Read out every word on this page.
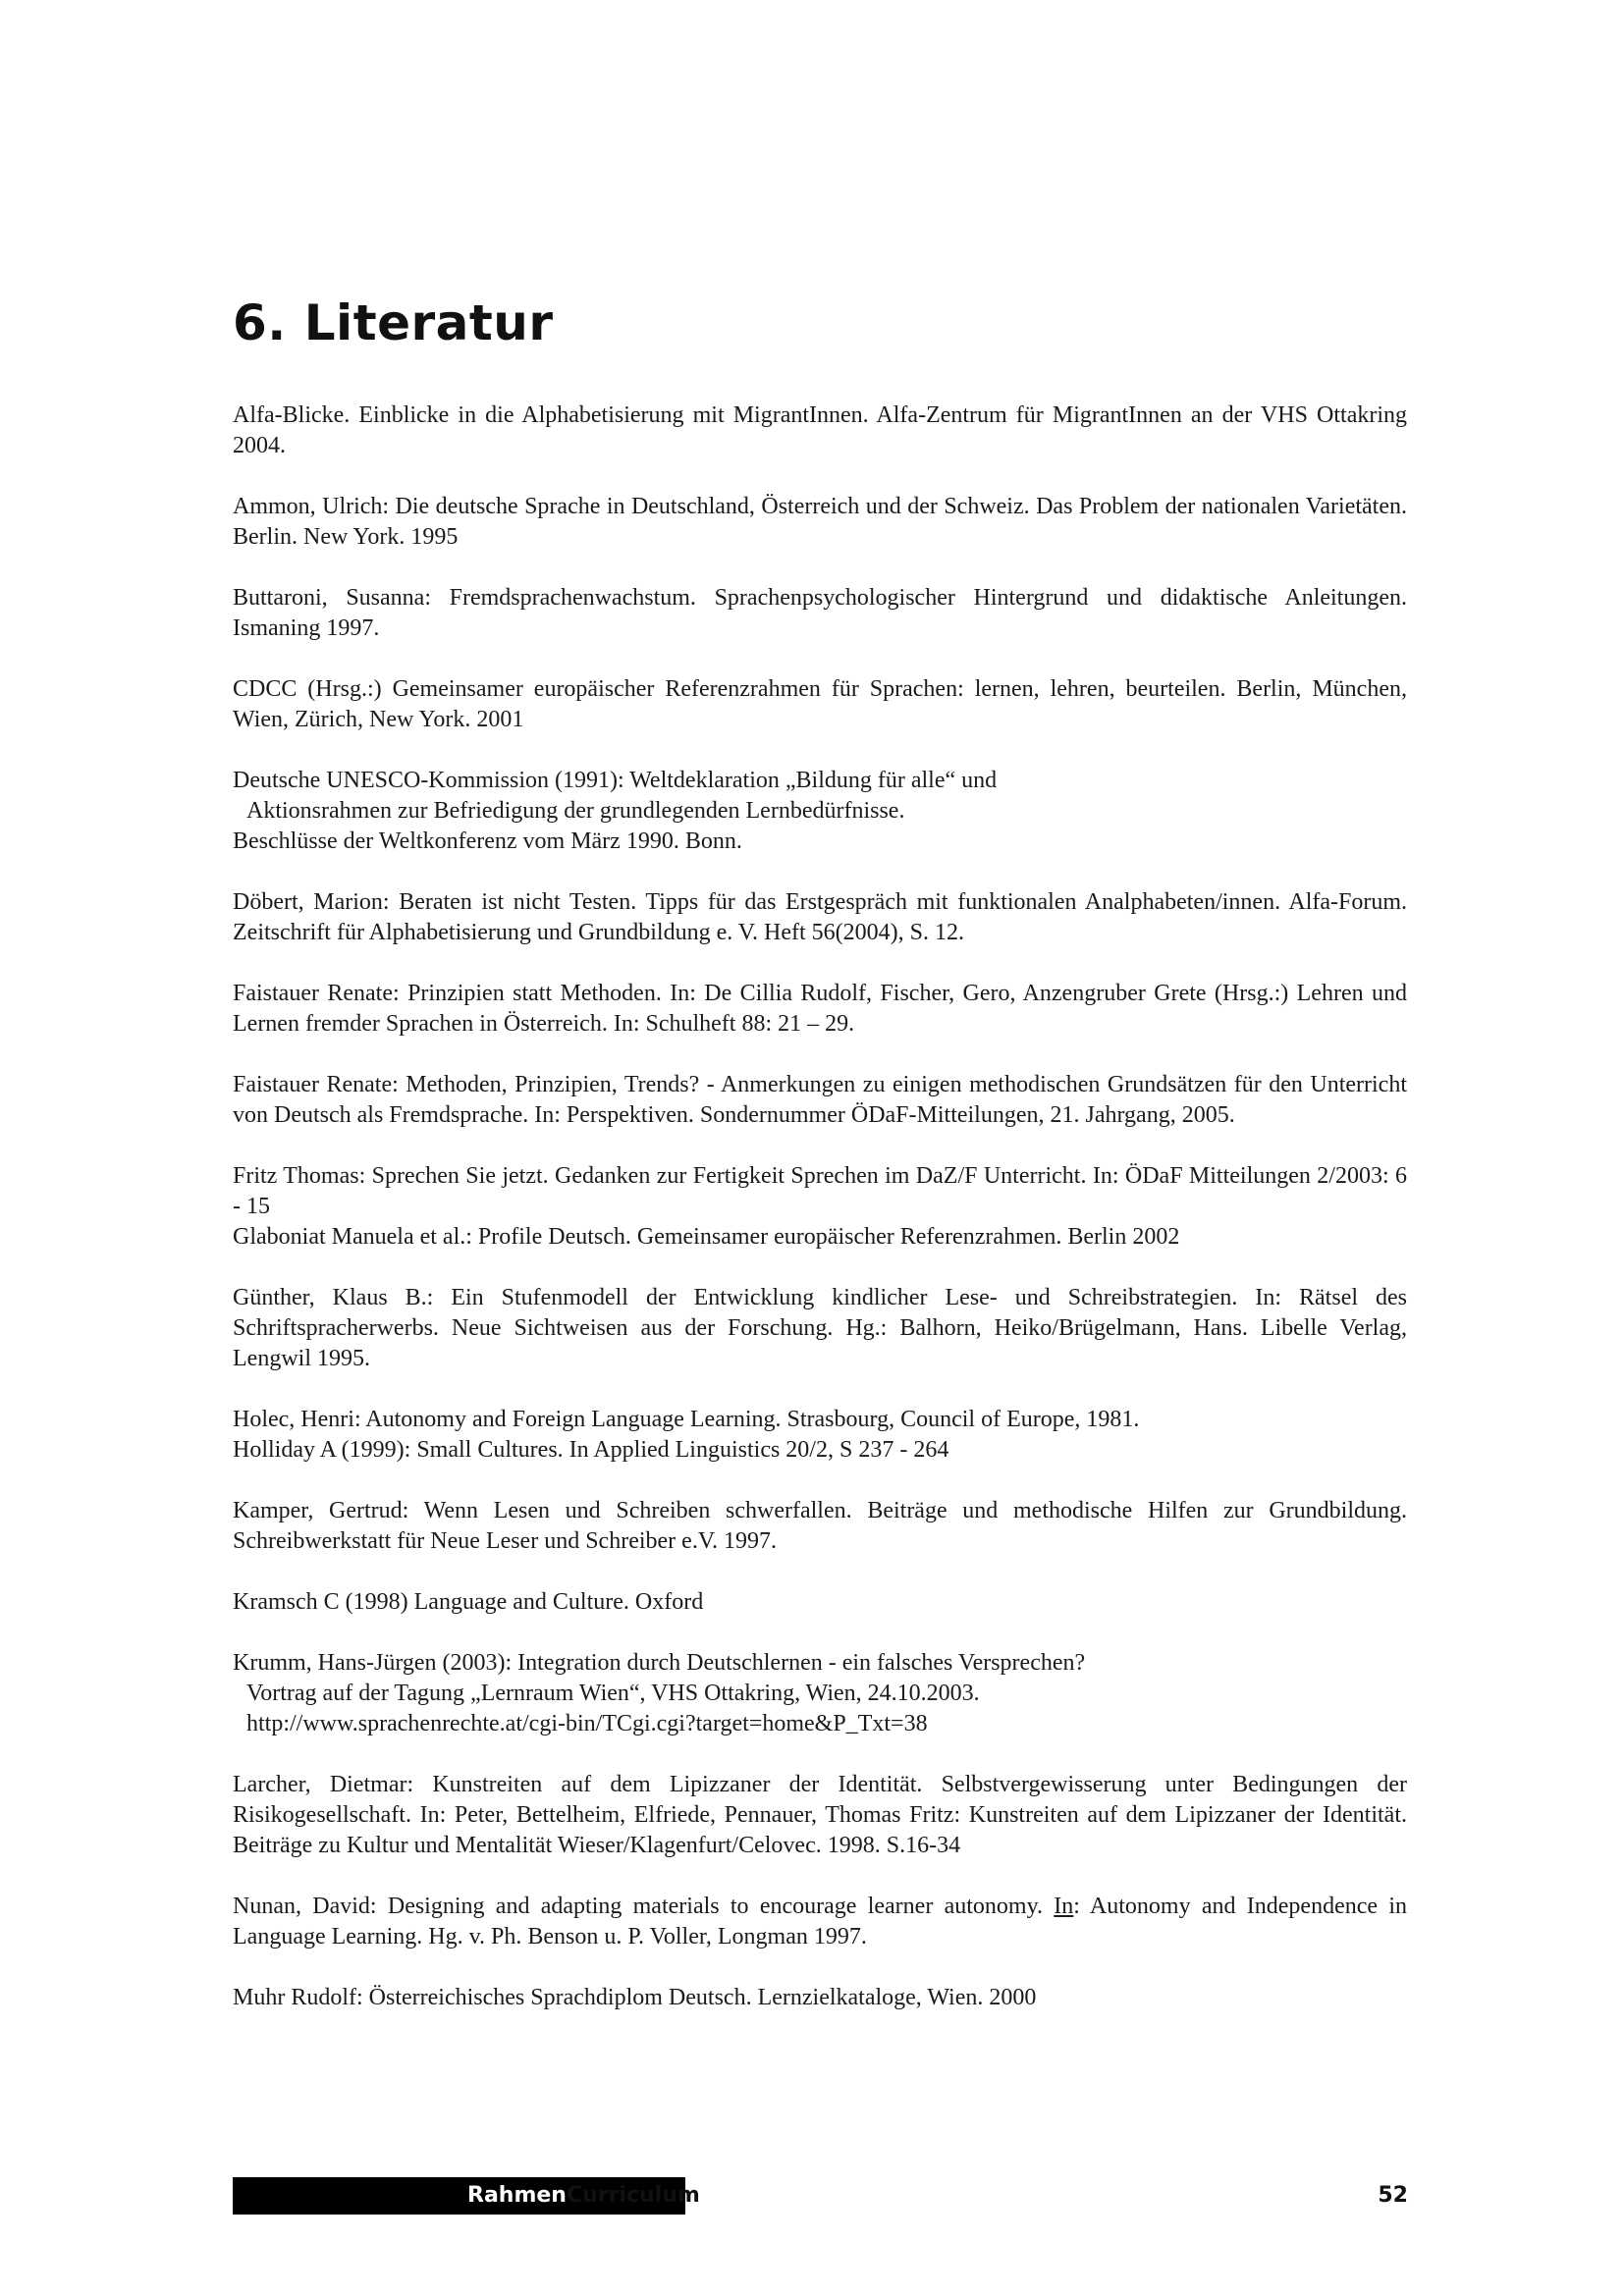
6. Literatur
Alfa-Blicke. Einblicke in die Alphabetisierung mit MigrantInnen. Alfa-Zentrum für MigrantInnen an der VHS Ottakring 2004.
Ammon, Ulrich: Die deutsche Sprache in Deutschland, Österreich und der Schweiz. Das Problem der nationalen Varietäten. Berlin. New York. 1995
Buttaroni, Susanna: Fremdsprachenwachstum. Sprachenpsychologischer Hintergrund und didaktische Anleitungen. Ismaning 1997.
CDCC (Hrsg.:) Gemeinsamer europäischer Referenzrahmen für Sprachen: lernen, lehren, beurteilen. Berlin, München, Wien, Zürich, New York. 2001
Deutsche UNESCO-Kommission (1991): Weltdeklaration „Bildung für alle“ und
Aktionsrahmen zur Befriedigung der grundlegenden Lernbedürfnisse.
Beschlüsse der Weltkonferenz vom März 1990. Bonn.
Döbert, Marion: Beraten ist nicht Testen. Tipps für das Erstgespräch mit funktionalen Analphabeten/innen. Alfa-Forum. Zeitschrift für Alphabetisierung und Grundbildung e. V. Heft 56(2004), S. 12.
Faistauer Renate: Prinzipien statt Methoden. In: De Cillia Rudolf, Fischer, Gero, Anzengruber Grete (Hrsg.:) Lehren und Lernen fremder Sprachen in Österreich. In: Schulheft 88: 21 – 29.
Faistauer Renate: Methoden, Prinzipien, Trends? - Anmerkungen zu einigen methodischen Grundsätzen für den Unterricht von Deutsch als Fremdsprache. In: Perspektiven. Sondernummer ÖDaF-Mitteilungen, 21. Jahrgang, 2005.
Fritz Thomas: Sprechen Sie jetzt. Gedanken zur Fertigkeit Sprechen im DaZ/F Unterricht. In: ÖDaF Mitteilungen 2/2003: 6 - 15
Glaboniat Manuela et al.: Profile Deutsch. Gemeinsamer europäischer Referenzrahmen. Berlin 2002
Günther, Klaus B.: Ein Stufenmodell der Entwicklung kindlicher Lese- und Schreibstrategien. In: Rätsel des Schriftspracherwerbs. Neue Sichtweisen aus der Forschung. Hg.: Balhorn, Heiko/Brügelmann, Hans. Libelle Verlag, Lengwil 1995.
Holec, Henri: Autonomy and Foreign Language Learning. Strasbourg, Council of Europe, 1981.
Holliday A (1999): Small Cultures. In Applied Linguistics 20/2, S 237 - 264
Kamper, Gertrud: Wenn Lesen und Schreiben schwerfallen. Beiträge und methodische Hilfen zur Grundbildung. Schreibwerkstatt für Neue Leser und Schreiber e.V. 1997.
Kramsch C (1998) Language and Culture. Oxford
Krumm, Hans-Jürgen (2003): Integration durch Deutschlernen - ein falsches Versprechen?
Vortrag auf der Tagung „Lernraum Wien“, VHS Ottakring, Wien, 24.10.2003.
http://www.sprachenrechte.at/cgi-bin/TCgi.cgi?target=home&P_Txt=38
Larcher, Dietmar: Kunstreiten auf dem Lipizzaner der Identität. Selbstvergewisserung unter Bedingungen der Risikogesellschaft. In: Peter, Bettelheim, Elfriede, Pennauer, Thomas Fritz: Kunstreiten auf dem Lipizzaner der Identität. Beiträge zu Kultur und Mentalität Wieser/Klagenfurt/Celovec. 1998. S.16-34
Nunan, David: Designing and adapting materials to encourage learner autonomy. In: Autonomy and Independence in Language Learning. Hg. v. Ph. Benson u. P. Voller, Longman 1997.
Muhr Rudolf: Österreichisches Sprachdiplom Deutsch. Lernzielkataloge, Wien. 2000
RahmenCurriculum	52
